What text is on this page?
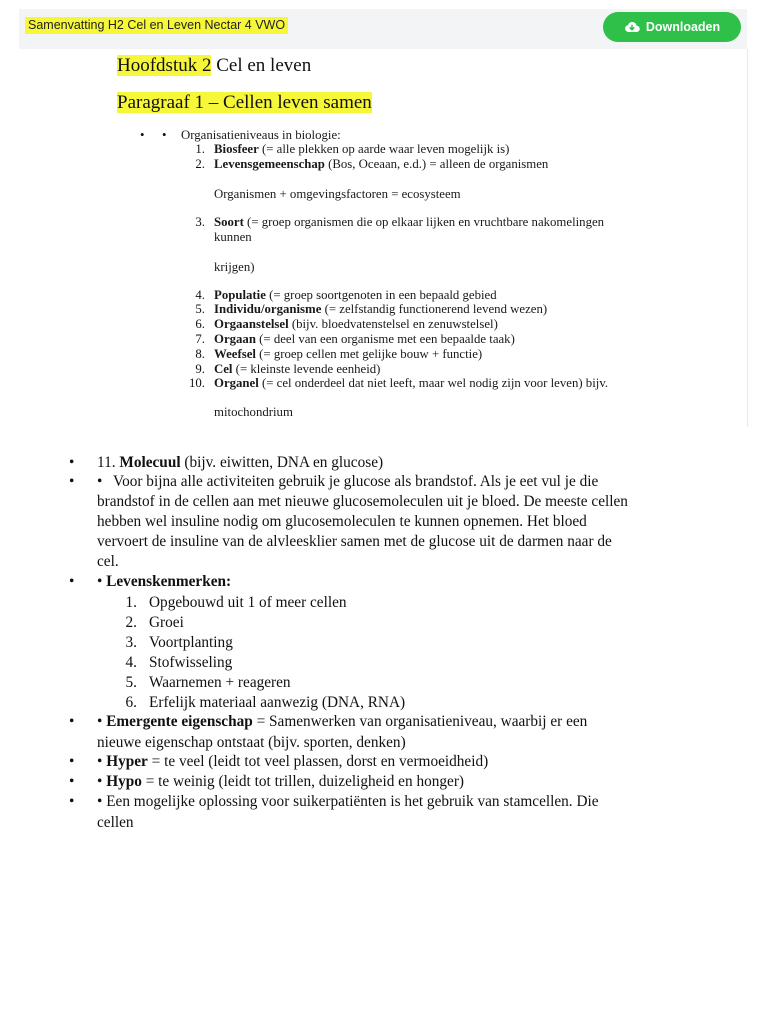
Samenvatting H2 Cel en Leven Nectar 4 VWO	Downloaden
Hoofdstuk 2 Cel en leven
Paragraaf 1 – Cellen leven samen
• • Organisatieniveaus in biologie:
1. Biosfeer (= alle plekken op aarde waar leven mogelijk is)
2. Levensgemeenschap (Bos, Oceaan, e.d.) = alleen de organismen
Organismen + omgevingsfactoren = ecosysteem
3. Soort (= groep organismen die op elkaar lijken en vruchtbare nakomelingen
kunnen
krijgen)
4. Populatie (= groep soortgenoten in een bepaald gebied
5. Individu/organisme (= zelfstandig functionerend levend wezen)
6. Orgaanstelsel (bijv. bloedvatenstelsel en zenuwstelsel)
7. Orgaan (= deel van een organisme met een bepaalde taak)
8. Weefsel (= groep cellen met gelijke bouw + functie)
9. Cel (= kleinste levende eenheid)
10. Organel (= cel onderdeel dat niet leeft, maar wel nodig zijn voor leven) bijv.
mitochondrium
• 11. Molecuul (bijv. eiwitten, DNA en glucose)
• • Voor bijna alle activiteiten gebruik je glucose als brandstof. Als je eet vul je die
brandstof in de cellen aan met nieuwe glucosemoleculen uit je bloed. De meeste cellen
hebben wel insuline nodig om glucosemoleculen te kunnen opnemen. Het bloed
vervoert de insuline van de alvleesklier samen met de glucose uit de darmen naar de
cel.
• • Levenskenmerken:
1. Opgebouwd uit 1 of meer cellen
2. Groei
3. Voortplanting
4. Stofwisseling
5. Waarnemen + reageren
6. Erfelijk materiaal aanwezig (DNA, RNA)
• • Emergente eigenschap = Samenwerken van organisatieniveau, waarbij er een
nieuwe eigenschap ontstaat (bijv. sporten, denken)
• • Hyper = te veel (leidt tot veel plassen, dorst en vermoeidheid)
• • Hypo = te weinig (leidt tot trillen, duizeligheid en honger)
• • Een mogelijke oplossing voor suikerpatiënten is het gebruik van stamcellen. Die
cellen
